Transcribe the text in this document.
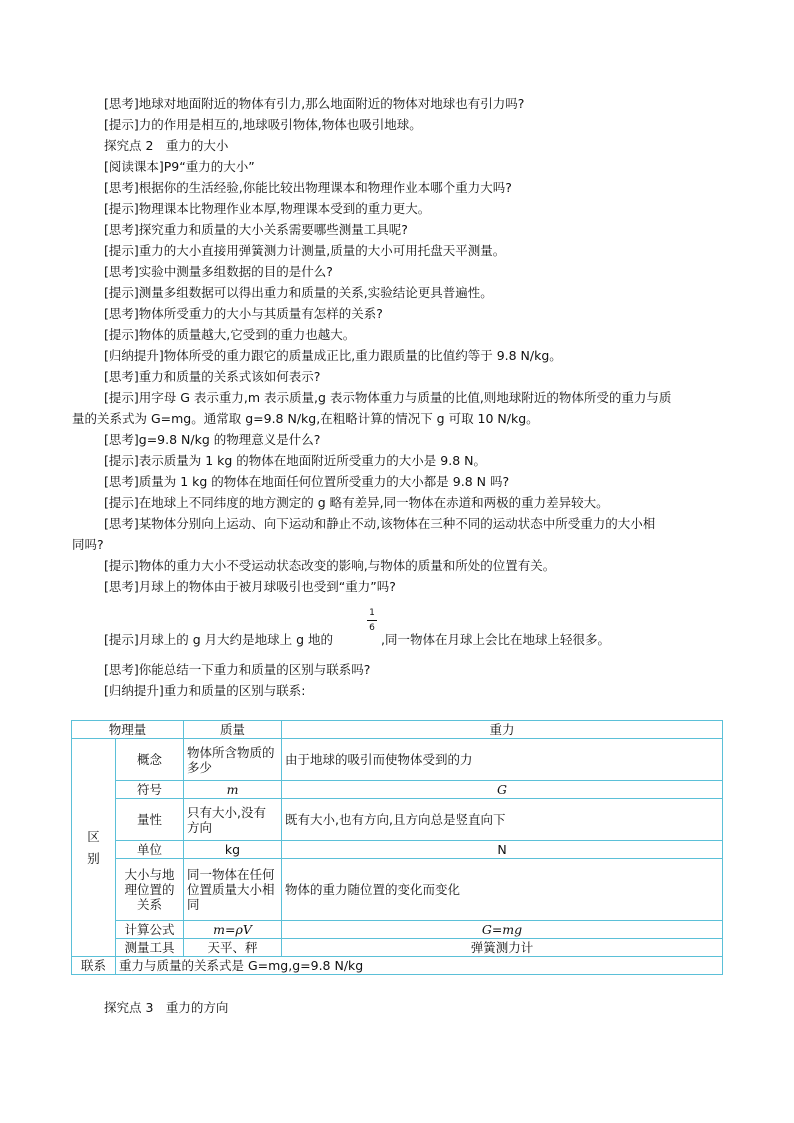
[思考]地球对地面附近的物体有引力,那么地面附近的物体对地球也有引力吗?
[提示]力的作用是相互的,地球吸引物体,物体也吸引地球。
探究点 2　重力的大小
[阅读课本]P9“重力的大小”
[思考]根据你的生活经验,你能比较出物理课本和物理作业本哪个重力大吗?
[提示]物理课本比物理作业本厚,物理课本受到的重力更大。
[思考]探究重力和质量的大小关系需要哪些测量工具呢?
[提示]重力的大小直接用弹簧测力计测量,质量的大小可用托盘天平测量。
[思考]实验中测量多组数据的目的是什么?
[提示]测量多组数据可以得出重力和质量的关系,实验结论更具普遍性。
[思考]物体所受重力的大小与其质量有怎样的关系?
[提示]物体的质量越大,它受到的重力也越大。
[归纳提升]物体所受的重力跟它的质量成正比,重力跟质量的比值约等于 9.8 N/kg。
[思考]重力和质量的关系式该如何表示?
[提示]用字母 G 表示重力,m 表示质量,g 表示物体重力与质量的比值,则地球附近的物体所受的重力与质
量的关系式为 G=mg。通常取 g=9.8 N/kg,在粗略计算的情况下 g 可取 10 N/kg。
[思考]g=9.8 N/kg 的物理意义是什么?
[提示]表示质量为 1 kg 的物体在地面附近所受重力的大小是 9.8 N。
[思考]质量为 1 kg 的物体在地面任何位置所受重力的大小都是 9.8 N 吗?
[提示]在地球上不同纬度的地方测定的 g 略有差异,同一物体在赤道和两极的重力差异较大。
[思考]某物体分别向上运动、向下运动和静止不动,该物体在三种不同的运动状态中所受重力的大小相
同吗?
[提示]物体的重力大小不受运动状态改变的影响,与物体的质量和所处的位置有关。
[思考]月球上的物体由于被月球吸引也受到“重力”吗?
[提示]月球上的 g 月大约是地球上 g 地的
1
6
,同一物体在月球上会比在地球上轻很多。
[思考]你能总结一下重力和质量的区别与联系吗?
[归纳提升]重力和质量的区别与联系:
物理量		质量	重力
区别	概念	物体所含物质的多少	由于地球的吸引而使物体受到的力
	符号	m	G
	量性	只有大小,没有方向	既有大小,也有方向,且方向总是竖直向下
	单位	kg	N
	大小与地理位置的关系	同一物体在任何位置质量大小相同	物体的重力随位置的变化而变化
	计算公式	m=ρV	G=mg
	测量工具	天平、秤	弹簧测力计
联系	重力与质量的关系式是 G=mg,g=9.8 N/kg		
探究点 3　重力的方向
